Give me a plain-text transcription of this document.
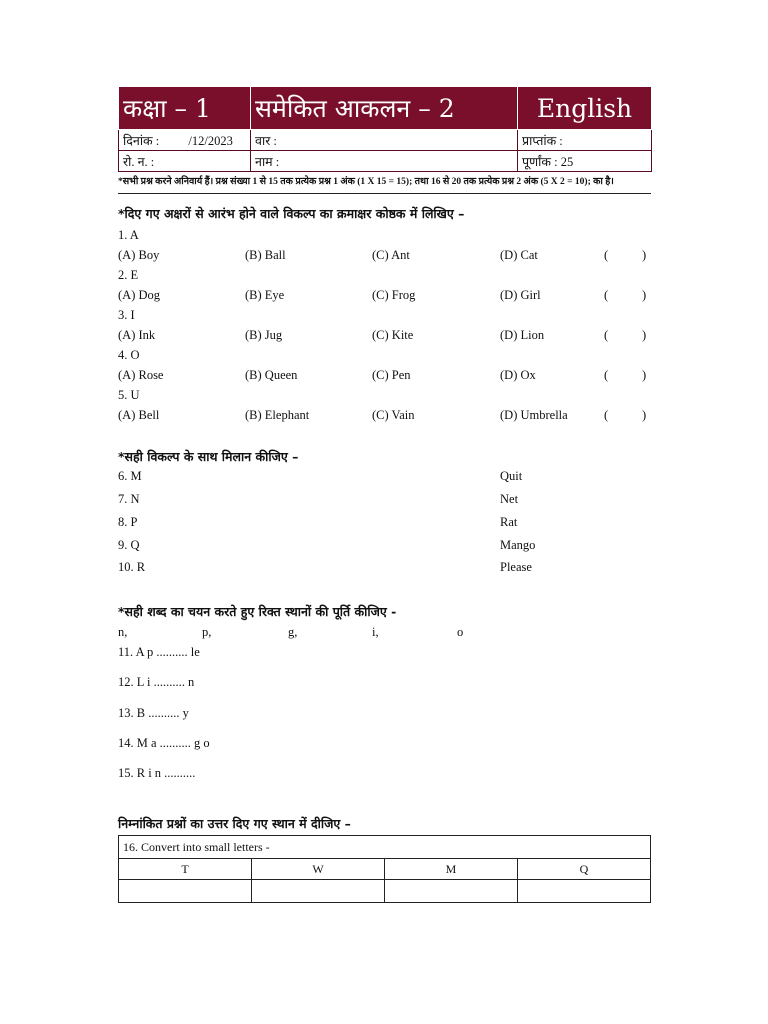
कक्षा – 1	समेकित आकलन – 2	English
दिनांक : /12/2023	वार :	प्राप्तांक :
रो. न. :	नाम :	पूर्णांक : 25
*सभी प्रश्न करने अनिवार्य हैं। प्रश्न संख्या 1 से 15 तक प्रत्येक प्रश्न 1 अंक (1 X 15 = 15); तथा 16 से 20 तक प्रत्येक प्रश्न 2 अंक (5 X 2 = 10); का है।
*दिए गए अक्षरों से आरंभ होने वाले विकल्प का क्रमाक्षर कोष्ठक में लिखिए –
1. A
(A) Boy	(B) Ball	(C) Ant	(D) Cat	(	)
2. E
(A) Dog	(B) Eye	(C) Frog	(D) Girl	(	)
3. I
(A) Ink	(B) Jug	(C) Kite	(D) Lion	(	)
4. O
(A) Rose	(B) Queen	(C) Pen	(D) Ox	(	)
5. U
(A) Bell	(B) Elephant	(C) Vain	(D) Umbrella	(	)
*सही विकल्प के साथ मिलान कीजिए –
6. M	Quit
7. N	Net
8. P	Rat
9. Q	Mango
10. R	Please
*सही शब्द का चयन करते हुए रिक्त स्थानों की पूर्ति कीजिए -
n,	p,	g,	i,	o
11. A p .......... le
12. L i .......... n
13. B .......... y
14. M a .......... g o
15. R i n ..........
निम्नांकित प्रश्नों का उत्तर दिए गए स्थान में दीजिए –
16. Convert into small letters -			
T	W	M	Q
